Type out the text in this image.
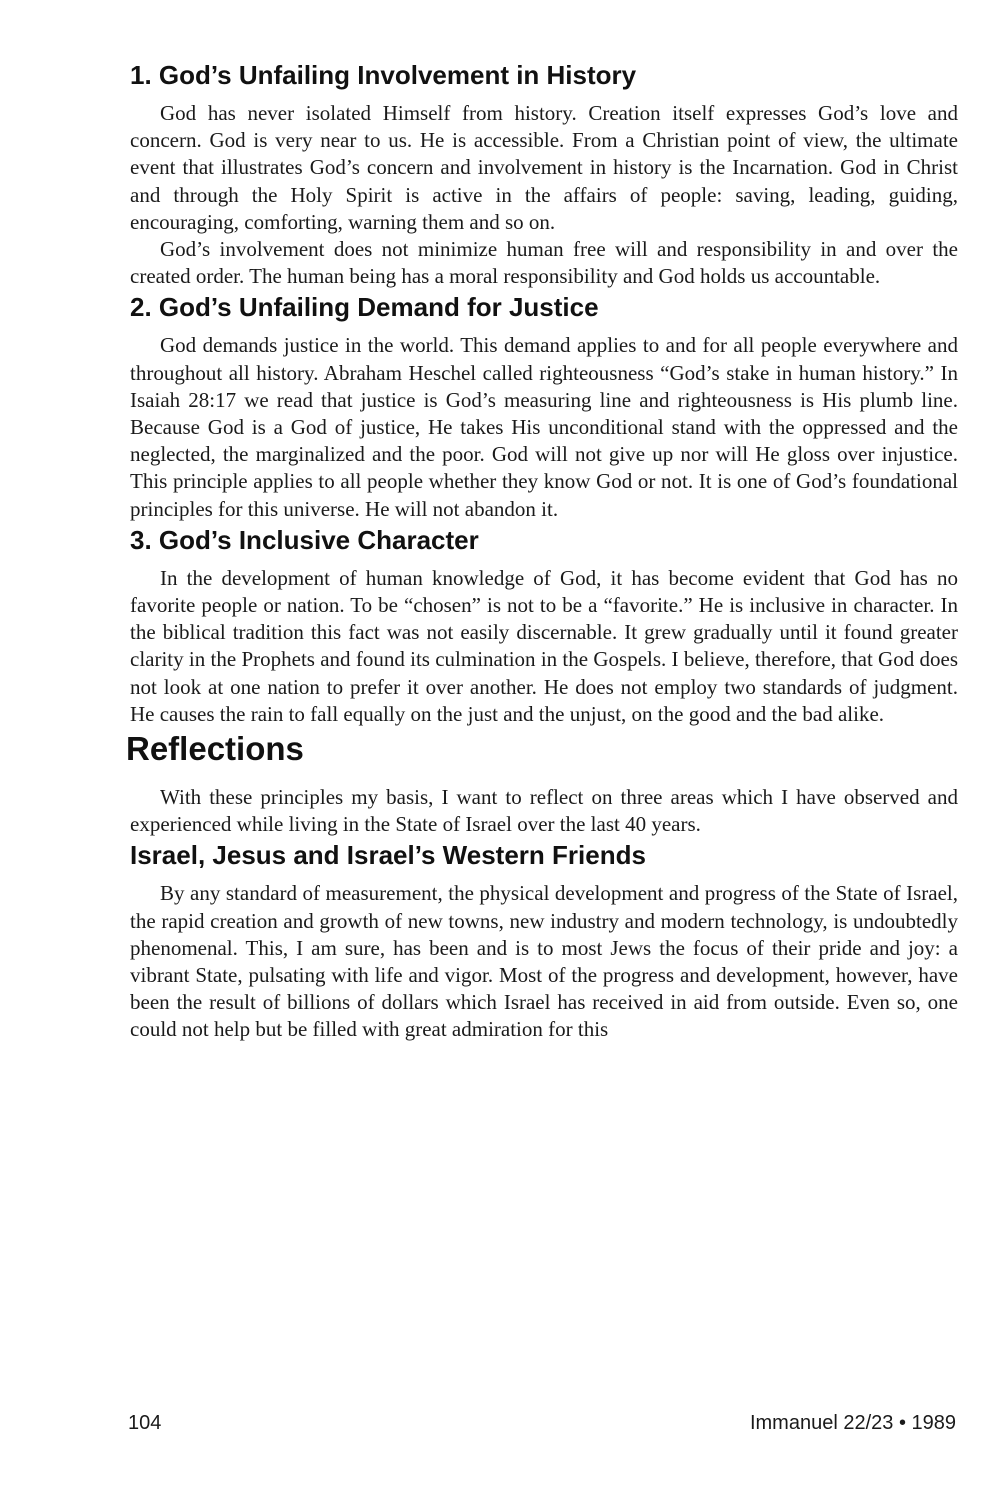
1. God’s Unfailing Involvement in History

God has never isolated Himself from history. Creation itself expresses God’s love and concern. God is very near to us. He is accessible. From a Christian point of view, the ultimate event that illustrates God’s concern and involvement in history is the Incarnation. God in Christ and through the Holy Spirit is active in the affairs of people: saving, leading, guiding, encouraging, comforting, warning them and so on.

God’s involvement does not minimize human free will and responsibility in and over the created order. The human being has a moral responsibility and God holds us accountable.

2. God’s Unfailing Demand for Justice

God demands justice in the world. This demand applies to and for all people everywhere and throughout all history. Abraham Heschel called righteousness “God’s stake in human history.” In Isaiah 28:17 we read that justice is God’s measuring line and righteousness is His plumb line. Because God is a God of justice, He takes His unconditional stand with the oppressed and the neglected, the marginalized and the poor. God will not give up nor will He gloss over injustice. This principle applies to all people whether they know God or not. It is one of God’s foundational principles for this universe. He will not abandon it.

3. God’s Inclusive Character

In the development of human knowledge of God, it has become evident that God has no favorite people or nation. To be “chosen” is not to be a “favorite.” He is inclusive in character. In the biblical tradition this fact was not easily discernable. It grew gradually until it found greater clarity in the Prophets and found its culmination in the Gospels. I believe, therefore, that God does not look at one nation to prefer it over another. He does not employ two standards of judgment. He causes the rain to fall equally on the just and the unjust, on the good and the bad alike.

Reflections

With these principles my basis, I want to reflect on three areas which I have observed and experienced while living in the State of Israel over the last 40 years.

Israel, Jesus and Israel’s Western Friends

By any standard of measurement, the physical development and progress of the State of Israel, the rapid creation and growth of new towns, new industry and modern technology, is undoubtedly phenomenal. This, I am sure, has been and is to most Jews the focus of their pride and joy: a vibrant State, pulsating with life and vigor. Most of the progress and development, however, have been the result of billions of dollars which Israel has received in aid from outside. Even so, one could not help but be filled with great admiration for this

104	Immanuel 22/23 • 1989
